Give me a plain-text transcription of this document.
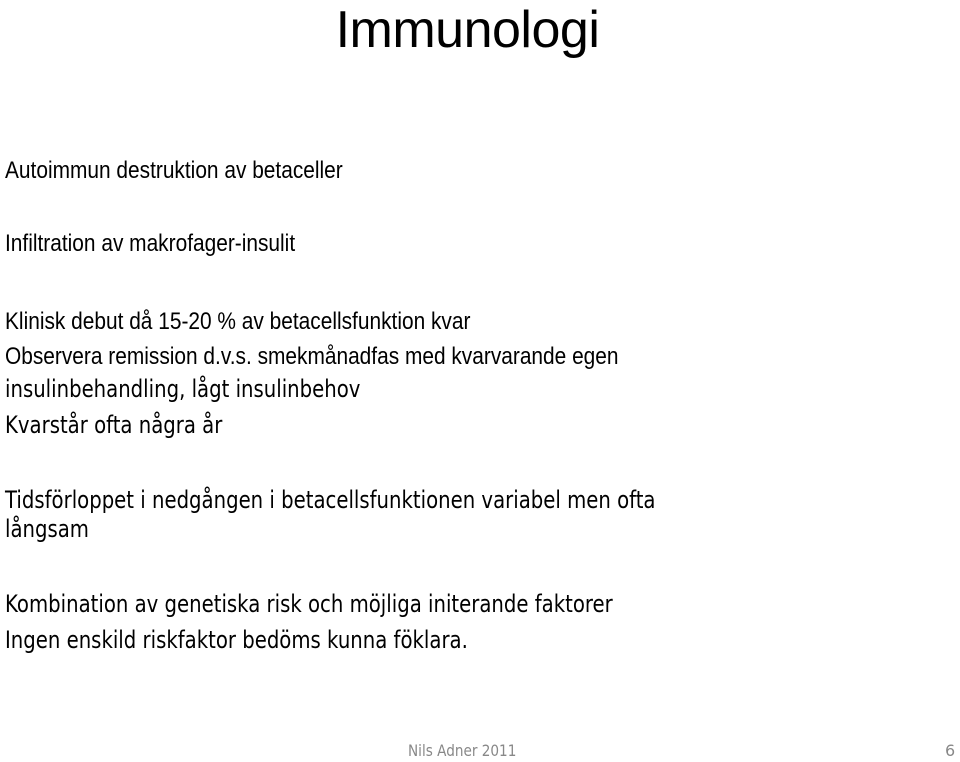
Immunologi
Autoimmun destruktion av betaceller
Infiltration av makrofager-insulit
Klinisk debut då 15-20 % av betacellsfunktion kvar
Observera remission d.v.s. smekmånadfas med kvarvarande egen
insulinbehandling, lågt insulinbehov
Kvarstår ofta några år
Tidsförloppet i nedgången i betacellsfunktionen variabel men ofta
långsam
Kombination av genetiska risk och möjliga initerande faktorer
Ingen enskild riskfaktor bedöms kunna föklara.
Nils Adner 2011	6
